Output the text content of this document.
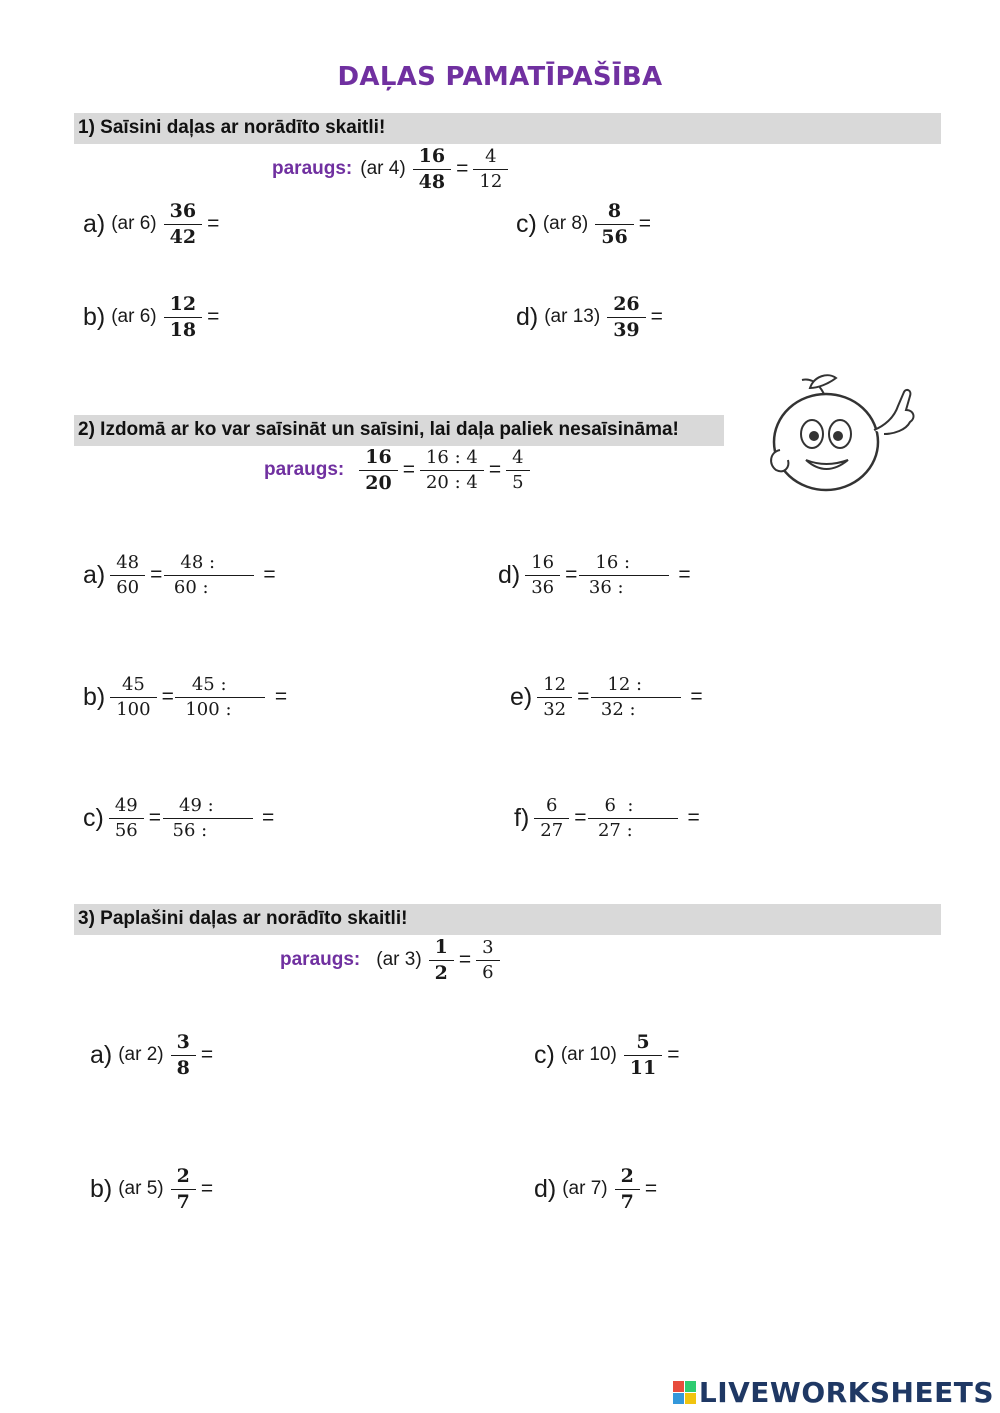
DAĻAS PAMATĪPAŠĪBA
1) Saīsini daļas ar norādīto skaitli!
paraugs: (ar $4) \frac{16}{48} = \frac{4}{12}$
a) (ar $6) \frac{36}{42}$ =	c) (ar $8) \frac{8}{56}$ =
b) (ar $6) \frac{12}{18}$ =	d) (ar $13) \frac{26}{39}$ =
2) Izdomā ar ko var saīsināt un saīsini, lai daļa paliek nesaīsināma!
paraugs: $\frac{16}{20} = \frac{16 : 4}{20 : 4} = \frac{4}{5}$
$a) \frac{48}{60} = \frac{48 :}{60 :}$ =	$d) \frac{16}{36} = \frac{16 :}{36 :}$ =
$b) \frac{45}{100} = \frac{45 :}{100 :}$ =	$e) \frac{12}{32} = \frac{12 :}{32 :}$ =
$c) \frac{49}{56} = \frac{49 :}{56 :}$ =	$f) \frac{6}{27} = \frac{6 :}{27 :}$ =
3) Paplašini daļas ar norādīto skaitli!
paraugs: (ar $3) \frac{1}{2} = \frac{3}{6}$
a) (ar $2) \frac{3}{8}$ =	c) (ar $10) \frac{5}{11}$ =
b) (ar $5) \frac{2}{7}$ =	d) (ar $7) \frac{2}{7}$ =
LIVEWORKSHEETS
